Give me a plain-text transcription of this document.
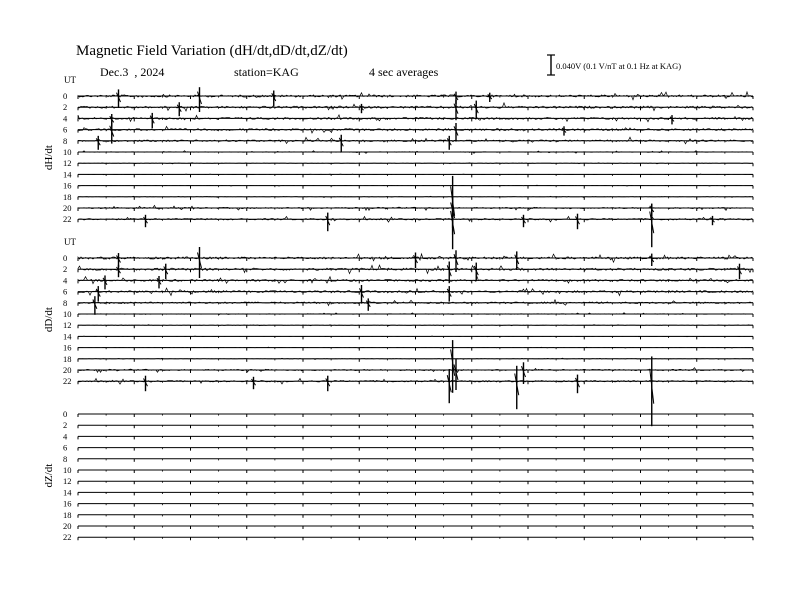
Magnetic Field Variation (dH/dt,dD/dt,dZ/dt)
Dec.3  , 2024	station=KAG	4 sec averages	0.040V (0.1 V/nT at 0.1 Hz at KAG)
UT
dH/dt
0
2
4
6
8
10
12
14
16
18
20
22
UT
dD/dt
0
2
4
6
8
10
12
14
16
18
20
22
dZ/dt
0
2
4
6
8
10
12
14
16
18
20
22
